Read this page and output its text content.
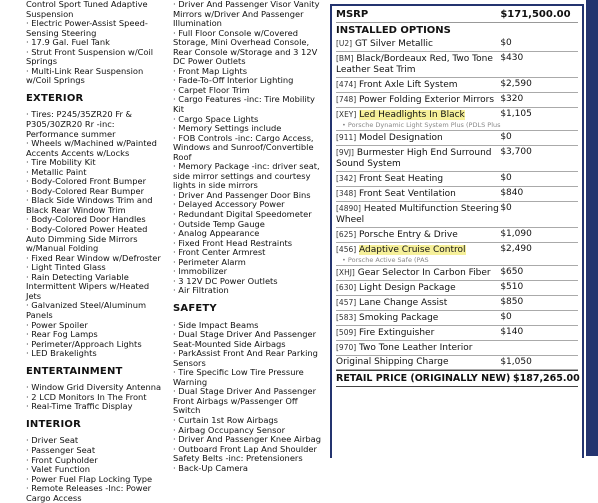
Control Sport Tuned Adaptive Suspension
· Electric Power-Assist Speed-Sensing Steering
· 17.9 Gal. Fuel Tank
· Strut Front Suspension w/Coil Springs
· Multi-Link Rear Suspension w/Coil Springs
EXTERIOR
· Tires: P245/35ZR20 Fr & P305/30ZR20 Rr -inc: Performance summer
· Wheels w/Machined w/Painted Accents Accents w/Locks
· Tire Mobility Kit
· Metallic Paint
· Body-Colored Front Bumper
· Body-Colored Rear Bumper
· Black Side Windows Trim and Black Rear Window Trim
· Body-Colored Door Handles
· Body-Colored Power Heated Auto Dimming Side Mirrors w/Manual Folding
· Fixed Rear Window w/Defroster
· Light Tinted Glass
· Rain Detecting Variable Intermittent Wipers w/Heated Jets
· Galvanized Steel/Aluminum Panels
· Power Spoiler
· Rear Fog Lamps
· Perimeter/Approach Lights
· LED Brakelights
ENTERTAINMENT
· Window Grid Diversity Antenna
· 2 LCD Monitors In The Front
· Real-Time Traffic Display
INTERIOR
· Driver Seat
· Passenger Seat
· Front Cupholder
· Valet Function
· Power Fuel Flap Locking Type
· Remote Releases -Inc: Power Cargo Access
· Driver And Passenger Visor Vanity Mirrors w/Driver And Passenger Illumination
· Full Floor Console w/Covered Storage, Mini Overhead Console, Rear Console w/Storage and 3 12V DC Power Outlets
· Front Map Lights
· Fade-To-Off Interior Lighting
· Carpet Floor Trim
· Cargo Features -inc: Tire Mobility Kit
· Cargo Space Lights
· Memory Settings include
· FOB Controls -inc: Cargo Access, Windows and Sunroof/Convertible Roof
· Memory Package -inc: driver seat, side mirror settings and courtesy lights in side mirrors
· Driver And Passenger Door Bins
· Delayed Accessory Power
· Redundant Digital Speedometer
· Outside Temp Gauge
· Analog Appearance
· Fixed Front Head Restraints
· Front Center Armrest
· Perimeter Alarm
· Immobilizer
· 3 12V DC Power Outlets
· Air Filtration
SAFETY
· Side Impact Beams
· Dual Stage Driver And Passenger Seat-Mounted Side Airbags
· ParkAssist Front And Rear Parking Sensors
· Tire Specific Low Tire Pressure Warning
· Dual Stage Driver And Passenger Front Airbags w/Passenger Off Switch
· Curtain 1st Row Airbags
· Airbag Occupancy Sensor
· Driver And Passenger Knee Airbag
· Outboard Front Lap And Shoulder Safety Belts -inc: Pretensioners
· Back-Up Camera
MSRP	$171,500.00
INSTALLED OPTIONS
[U2] GT Silver Metallic	$0
[BM] Black/Bordeaux Red, Two Tone Leather Seat Trim
$430
[474] Front Axle Lift System	$2,590
[748] Power Folding Exterior Mirrors $320
[XEY] Led Headlights In Black	$1,105
• Porsche Dynamic Light System Plus (PDLS Plus
[911] Model Designation	$0
[9VJ] Burmester High End Surround Sound System
$3,700
[342] Front Seat Heating	$0
[348] Front Seat Ventilation	$840
[4890] Heated Multifunction Steering Wheel
$0
[625] Porsche Entry & Drive	$1,090
[456] Adaptive Cruise Control	$2,490
• Porsche Active Safe (PAS
[XHJ] Gear Selector In Carbon Fiber	$650
[630] Light Design Package	$510
[457] Lane Change Assist	$850
[583] Smoking Package	$0
[509] Fire Extinguisher	$140
[970] Two Tone Leather Interior
Original Shipping Charge	$1,050
RETAIL PRICE (ORIGINALLY NEW) $187,265.00
